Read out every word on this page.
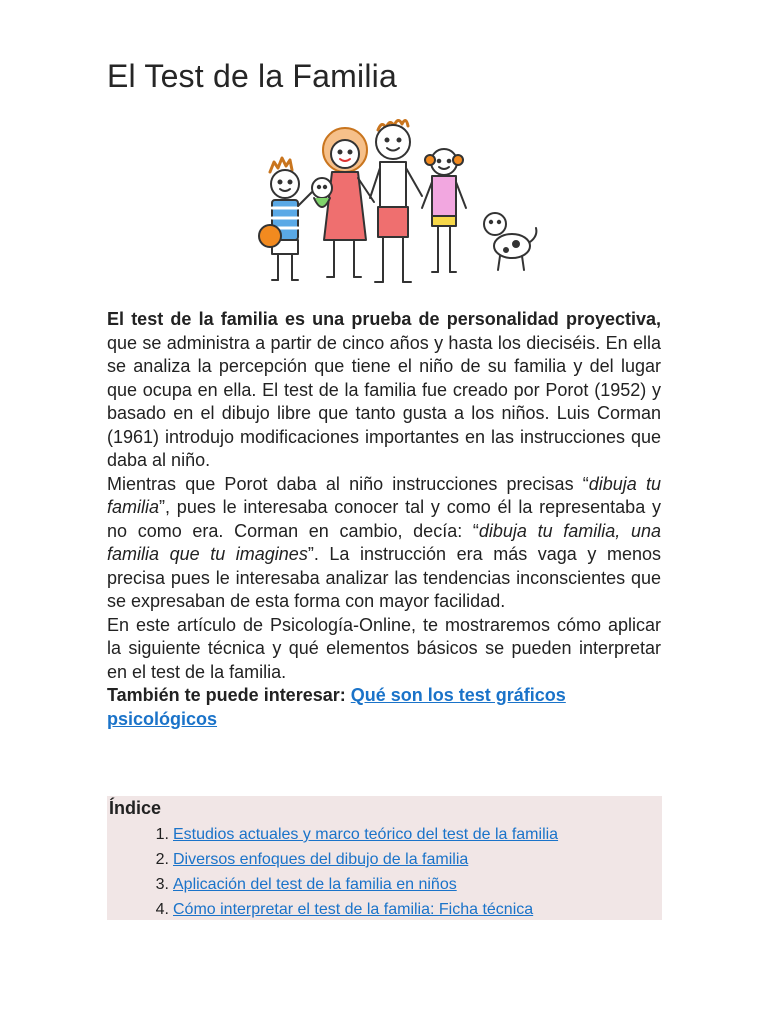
El Test de la Familia

El test de la familia es una prueba de personalidad proyectiva, que se administra a partir de cinco años y hasta los dieciséis. En ella se analiza la percepción que tiene el niño de su familia y del lugar que ocupa en ella. El test de la familia fue creado por Porot (1952) y basado en el dibujo libre que tanto gusta a los niños. Luis Corman (1961) introdujo modificaciones importantes en las instrucciones que daba al niño.

Mientras que Porot daba al niño instrucciones precisas “dibuja tu familia”, pues le interesaba conocer tal y como él la representaba y no como era. Corman en cambio, decía: “dibuja tu familia, una familia que tu imagines”. La instrucción era más vaga y menos precisa pues le interesaba analizar las tendencias inconscientes que se expresaban de esta forma con mayor facilidad.

En este artículo de Psicología-Online, te mostraremos cómo aplicar la siguiente técnica y qué elementos básicos se pueden interpretar en el test de la familia.

También te puede interesar: Qué son los test gráficos psicológicos

Índice
1. Estudios actuales y marco teórico del test de la familia
2. Diversos enfoques del dibujo de la familia
3. Aplicación del test de la familia en niños
4. Cómo interpretar el test de la familia: Ficha técnica
